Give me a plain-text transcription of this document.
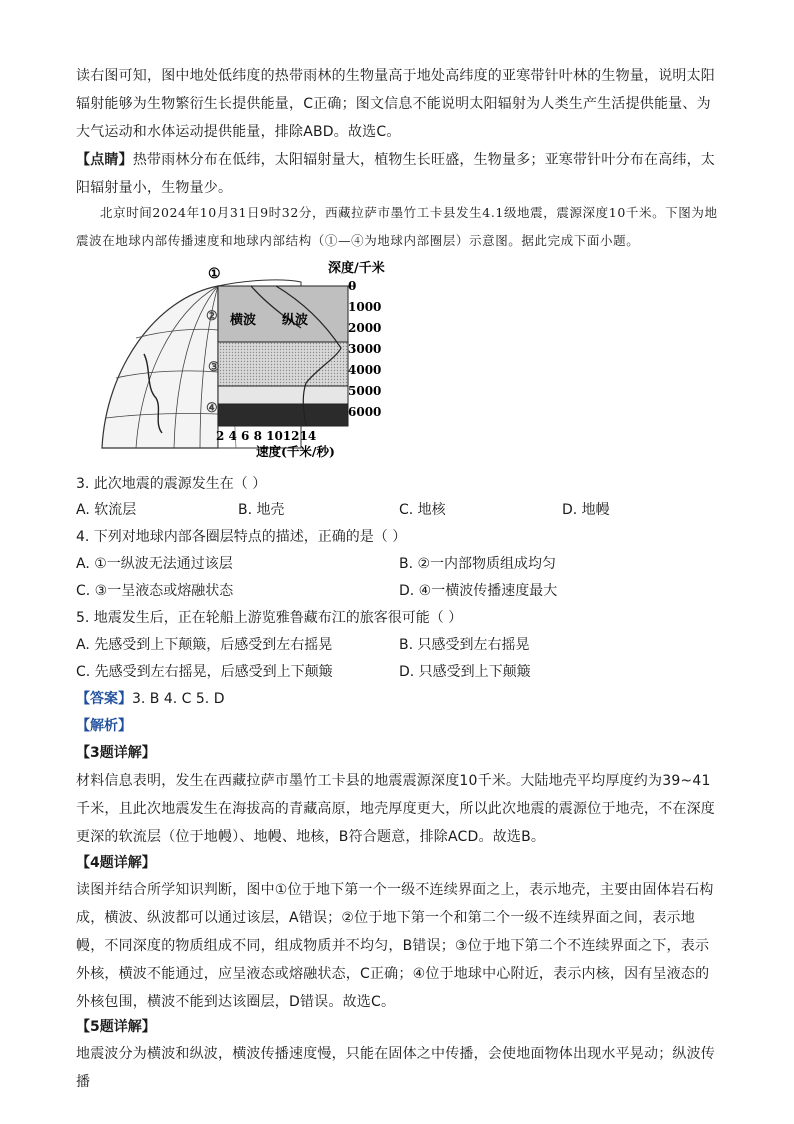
读右图可知，图中地处低纬度的热带雨林的生物量高于地处高纬度的亚寒带针叶林的生物量，说明太阳辐射能够为生物繁衍生长提供能量，C正确；图文信息不能说明太阳辐射为人类生产生活提供能量、为大气运动和水体运动提供能量，排除ABD。故选C。
【点睛】热带雨林分布在低纬，太阳辐射量大，植物生长旺盛，生物量多；亚寒带针叶分布在高纬，太阳辐射量小，生物量少。
北京时间2024年10月31日9时32分，西藏拉萨市墨竹工卡县发生4.1级地震，震源深度10千米。下图为地震波在地球内部传播速度和地球内部结构（①—④为地球内部圈层）示意图。据此完成下面小题。
深度/千米
0
1000
2000
3000
4000
5000
6000
2 4 6 8 101214
速度(千米/秒)
横波 纵波
①
②
③
④
3. 此次地震的震源发生在（ ）
A. 软流层	B. 地壳	C. 地核	D. 地幔
4. 下列对地球内部各圈层特点的描述，正确的是（ ）
A. ①一纵波无法通过该层	B. ②一内部物质组成均匀
C. ③一呈液态或熔融状态	D. ④一横波传播速度最大
5. 地震发生后，正在轮船上游览雅鲁藏布江的旅客很可能（ ）
A. 先感受到上下颠簸，后感受到左右摇晃	B. 只感受到左右摇晃
C. 先感受到左右摇晃，后感受到上下颠簸	D. 只感受到上下颠簸
【答案】3. B 4. C 5. D
【解析】
【3题详解】
材料信息表明，发生在西藏拉萨市墨竹工卡县的地震震源深度10千米。大陆地壳平均厚度约为39~41千米，且此次地震发生在海拔高的青藏高原，地壳厚度更大，所以此次地震的震源位于地壳，不在深度更深的软流层（位于地幔）、地幔、地核，B符合题意，排除ACD。故选B。
【4题详解】
读图并结合所学知识判断，图中①位于地下第一个一级不连续界面之上，表示地壳，主要由固体岩石构成，横波、纵波都可以通过该层，A错误；②位于地下第一个和第二个一级不连续界面之间，表示地幔，不同深度的物质组成不同，组成物质并不均匀，B错误；③位于地下第二个不连续界面之下，表示外核，横波不能通过，应呈液态或熔融状态，C正确；④位于地球中心附近，表示内核，因有呈液态的外核包围，横波不能到达该圈层，D错误。故选C。
【5题详解】
地震波分为横波和纵波，横波传播速度慢，只能在固体之中传播，会使地面物体出现水平晃动；纵波传播
